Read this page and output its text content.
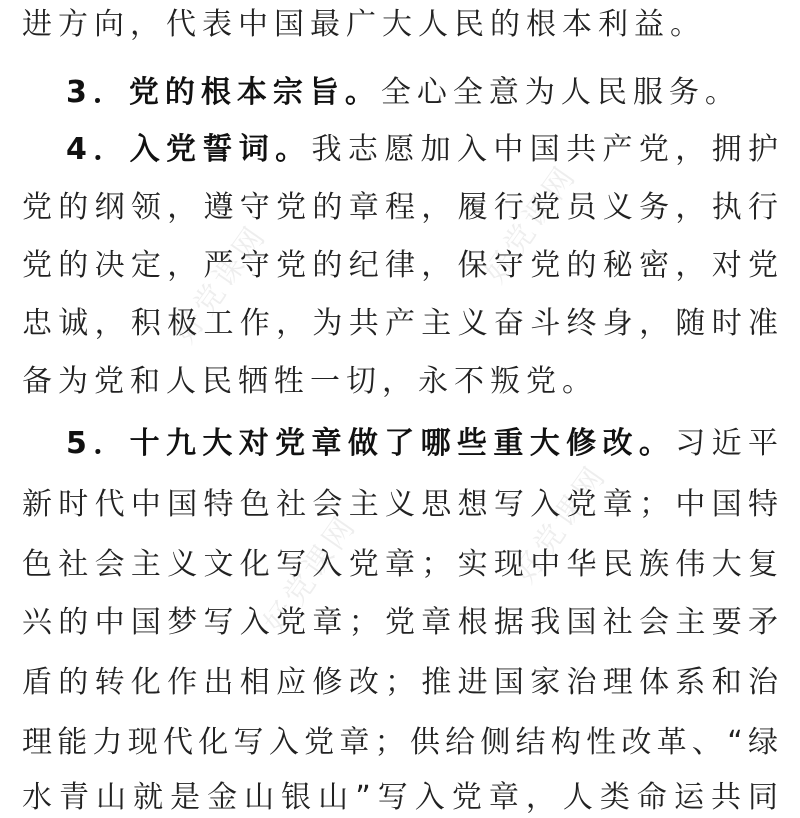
进方向，代表中国最广大人民的根本利益。
3．党的根本宗旨。全心全意为人民服务。
4．入党誓词。我志愿加入中国共产党，拥护
党的纲领，遵守党的章程，履行党员义务，执行
党的决定，严守党的纪律，保守党的秘密，对党
忠诚，积极工作，为共产主义奋斗终身，随时准
备为党和人民牺牲一切，永不叛党。
5．十九大对党章做了哪些重大修改。习近平
新时代中国特色社会主义思想写入党章；中国特
色社会主义文化写入党章；实现中华民族伟大复
兴的中国梦写入党章；党章根据我国社会主要矛
盾的转化作出相应修改；推进国家治理体系和治
理能力现代化写入党章；供给侧结构性改革、“绿
水青山就是金山银山”写入党章，人类命运共同
好党课网	好党课网
好党课网	好党课网
